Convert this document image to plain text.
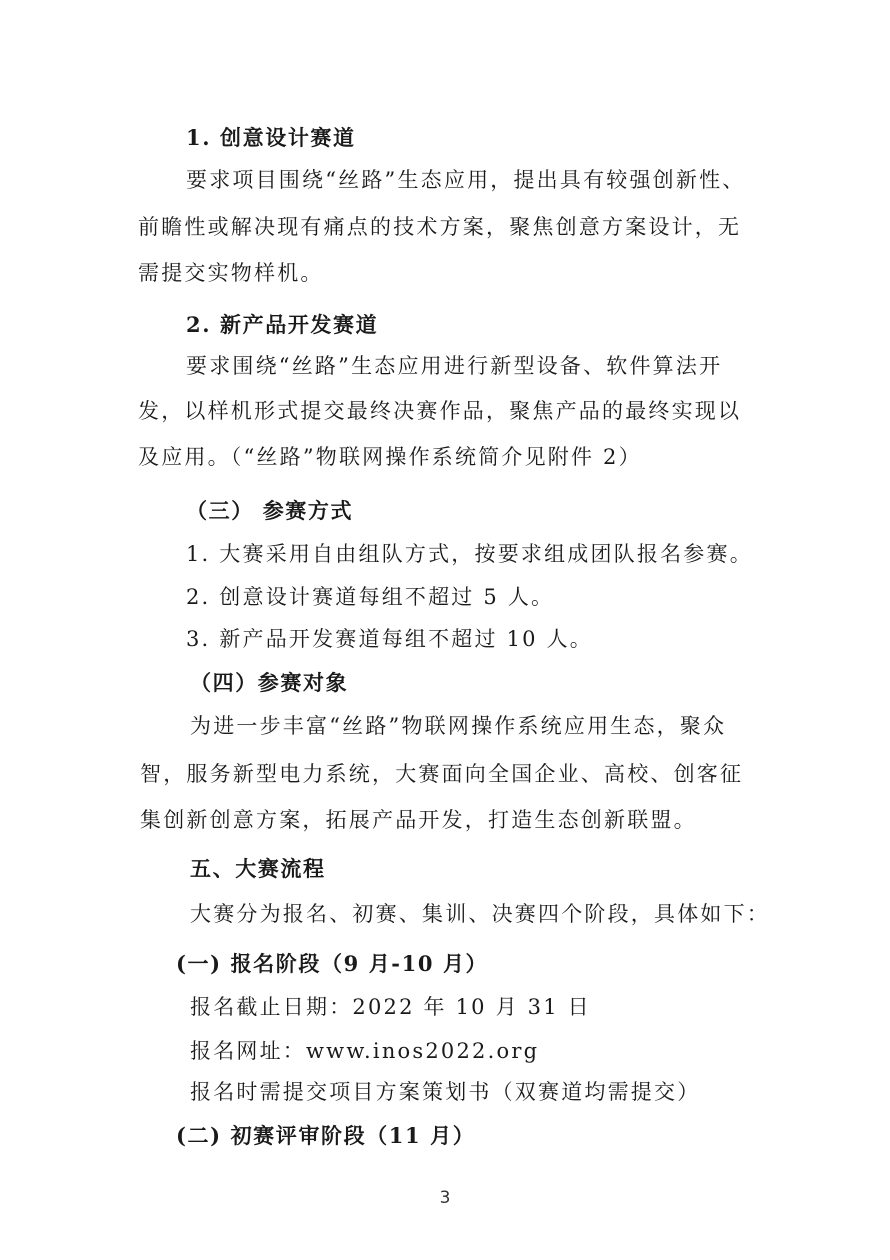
1. 创意设计赛道
要求项目围绕“丝路”生态应用，提出具有较强创新性、
前瞻性或解决现有痛点的技术方案，聚焦创意方案设计，无
需提交实物样机。
2. 新产品开发赛道
要求围绕“丝路”生态应用进行新型设备、软件算法开
发，以样机形式提交最终决赛作品，聚焦产品的最终实现以
及应用。（“丝路”物联网操作系统简介见附件 2）
（三） 参赛方式
1. 大赛采用自由组队方式，按要求组成团队报名参赛。
2. 创意设计赛道每组不超过 5 人。
3. 新产品开发赛道每组不超过 10 人。
（四）参赛对象
为进一步丰富“丝路”物联网操作系统应用生态，聚众
智，服务新型电力系统，大赛面向全国企业、高校、创客征
集创新创意方案，拓展产品开发，打造生态创新联盟。
五、大赛流程
大赛分为报名、初赛、集训、决赛四个阶段，具体如下：
(一) 报名阶段（9 月-10 月）
报名截止日期：2022 年 10 月 31 日
报名网址：www.inos2022.org
报名时需提交项目方案策划书（双赛道均需提交）
(二) 初赛评审阶段（11 月）
3
